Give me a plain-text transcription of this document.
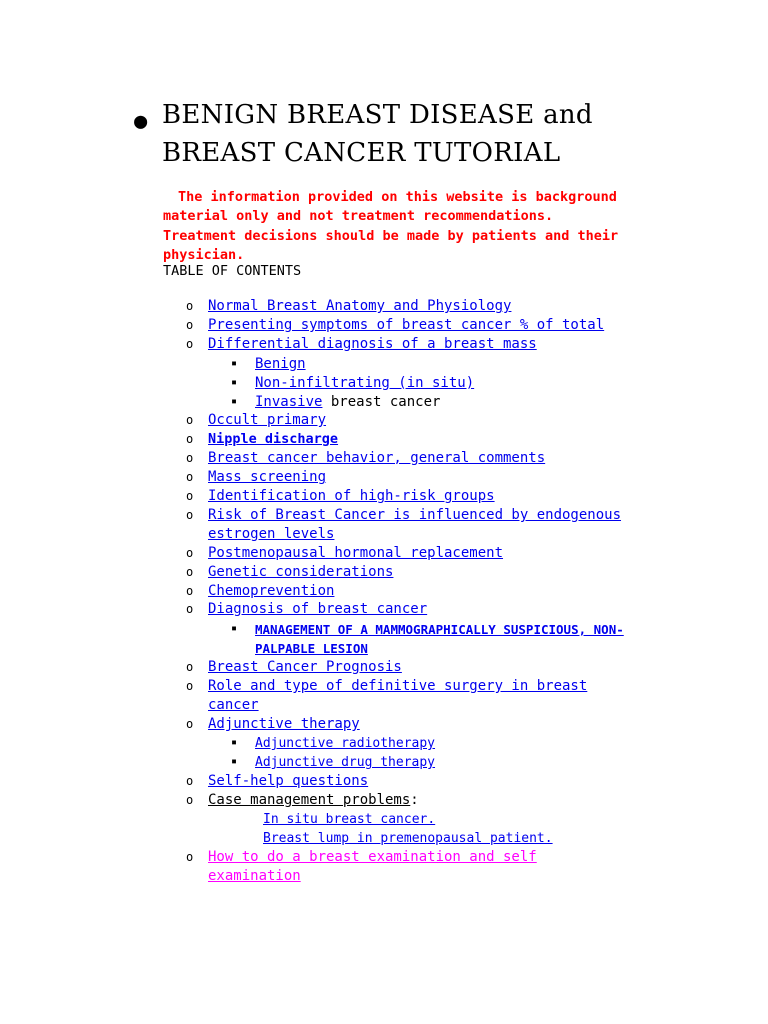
● BENIGN BREAST DISEASE and
BREAST CANCER TUTORIAL

The information provided on this website is background material only and not treatment recommendations. Treatment decisions should be made by patients and their physician.

TABLE OF CONTENTS

o Normal Breast Anatomy and Physiology
o Presenting symptoms of breast cancer % of total
o Differential diagnosis of a breast mass
▪ Benign
▪ Non-infiltrating (in situ)
▪ Invasive breast cancer
o Occult primary
o Nipple discharge
o Breast cancer behavior, general comments
o Mass screening
o Identification of high-risk groups
o Risk of Breast Cancer is influenced by endogenous
estrogen levels
o Postmenopausal hormonal replacement
o Genetic considerations
o Chemoprevention
o Diagnosis of breast cancer
▪ MANAGEMENT OF A MAMMOGRAPHICALLY SUSPICIOUS, NON-
PALPABLE LESION
o Breast Cancer Prognosis
o Role and type of definitive surgery in breast
cancer
o Adjunctive therapy
▪ Adjunctive radiotherapy
▪ Adjunctive drug therapy
o Self-help questions
o Case management problems:
In situ breast cancer.
Breast lump in premenopausal patient.
o How to do a breast examination and self
examination
